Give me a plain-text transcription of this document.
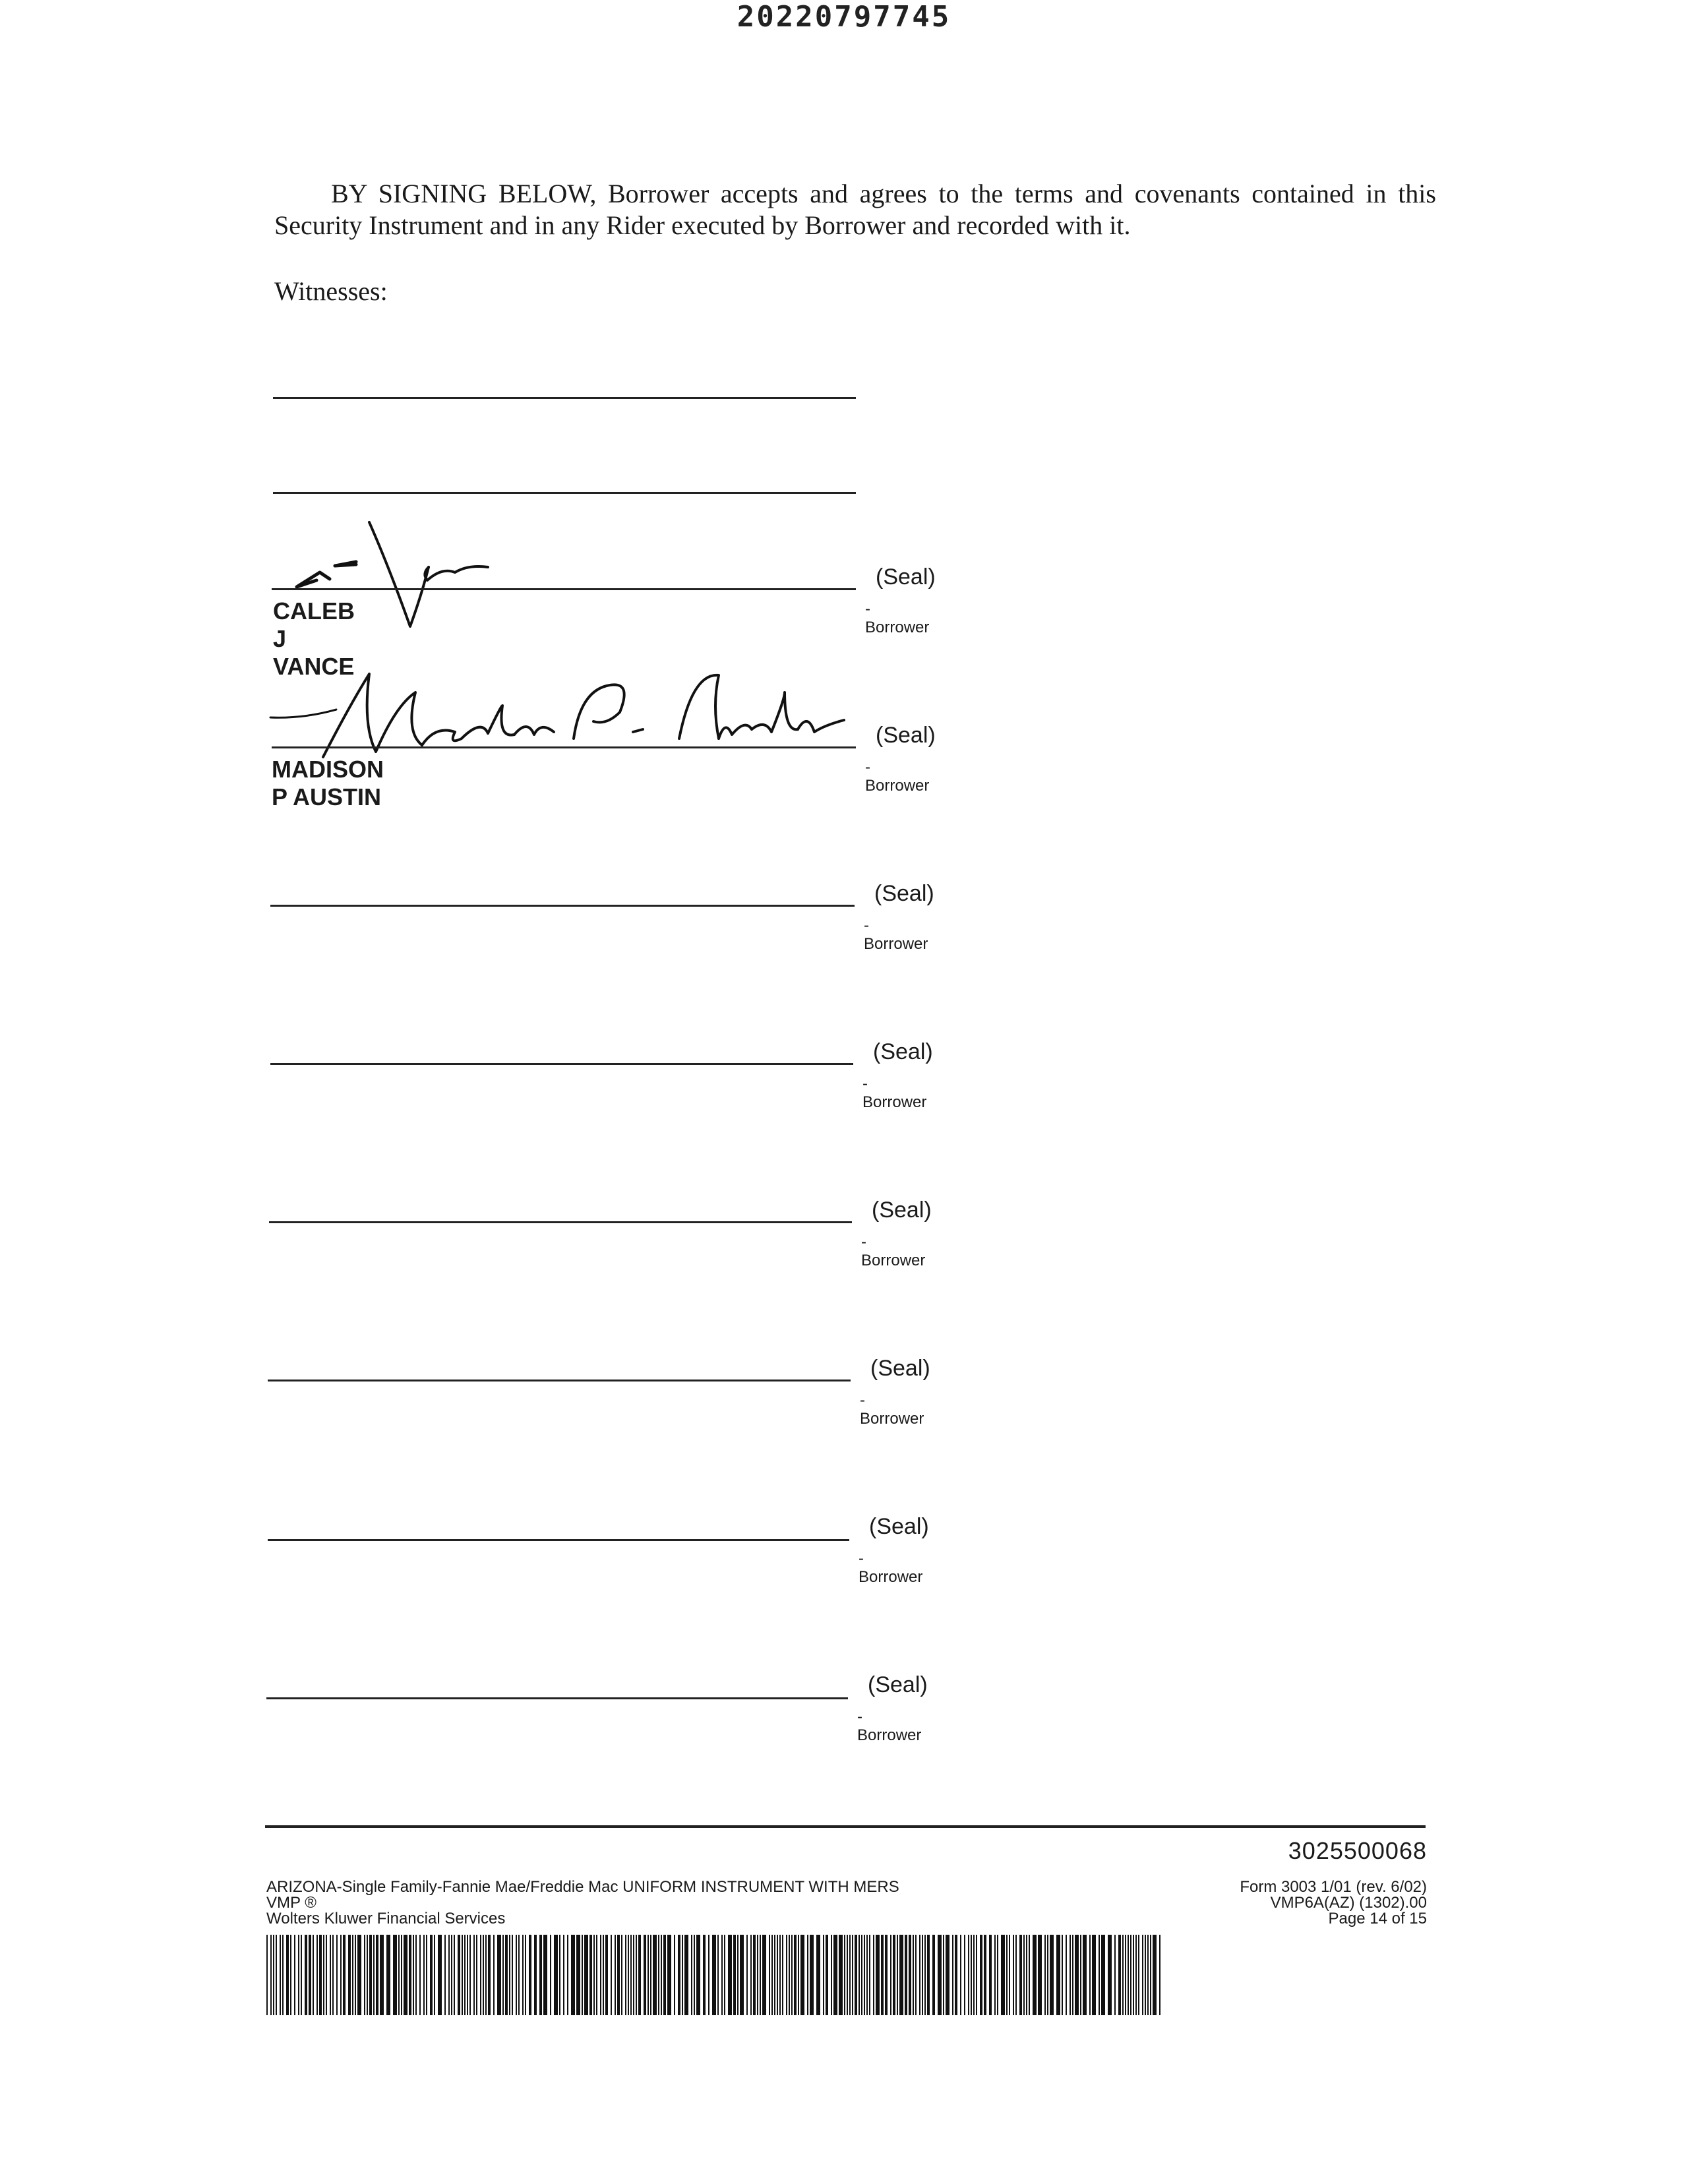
20220797745
BY SIGNING BELOW, Borrower accepts and agrees to the terms and covenants contained in this Security Instrument and in any Rider executed by Borrower and recorded with it.
Witnesses:
(Seal)
-Borrower
CALEB J VANCE
(Seal)
-Borrower
MADISON P AUSTIN
(Seal)
-Borrower
(Seal)
-Borrower
(Seal)
-Borrower
(Seal)
-Borrower
(Seal)
-Borrower
(Seal)
-Borrower
3025500068
ARIZONA-Single Family-Fannie Mae/Freddie Mac UNIFORM INSTRUMENT WITH MERS
VMP ®
Wolters Kluwer Financial Services
Form 3003 1/01 (rev. 6/02)
VMP6A(AZ) (1302).00
Page 14 of 15
